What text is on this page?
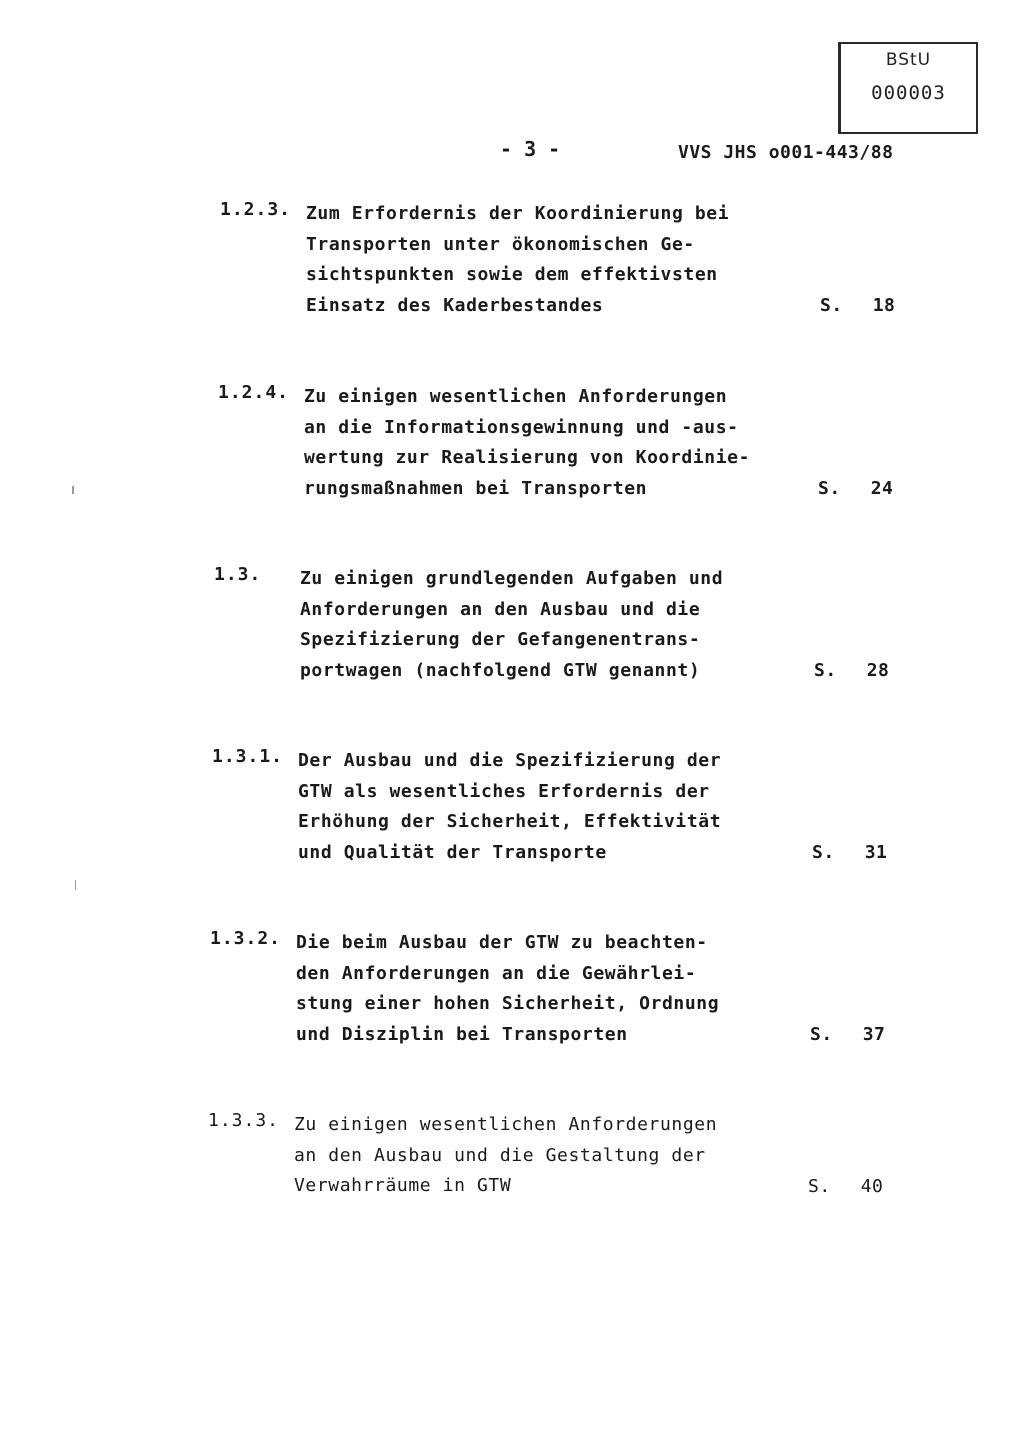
BStU
000003
- 3 -	VVS JHS o001-443/88
1.2.3. Zum Erfordernis der Koordinierung bei
Transporten unter ökonomischen Ge-
sichtspunkten sowie dem effektivsten
Einsatz des Kaderbestandes	S. 18
1.2.4. Zu einigen wesentlichen Anforderungen
an die Informationsgewinnung und -aus-
wertung zur Realisierung von Koordinie-
rungsmaßnahmen bei Transporten	S. 24
1.3. Zu einigen grundlegenden Aufgaben und
Anforderungen an den Ausbau und die
Spezifizierung der Gefangenentrans-
portwagen (nachfolgend GTW genannt)	S. 28
1.3.1. Der Ausbau und die Spezifizierung der
GTW als wesentliches Erfordernis der
Erhöhung der Sicherheit, Effektivität
und Qualität der Transporte	S. 31
1.3.2. Die beim Ausbau der GTW zu beachten-
den Anforderungen an die Gewährlei-
stung einer hohen Sicherheit, Ordnung
und Disziplin bei Transporten	S. 37
1.3.3. Zu einigen wesentlichen Anforderungen
an den Ausbau und die Gestaltung der
Verwahrräume in GTW	S. 40
